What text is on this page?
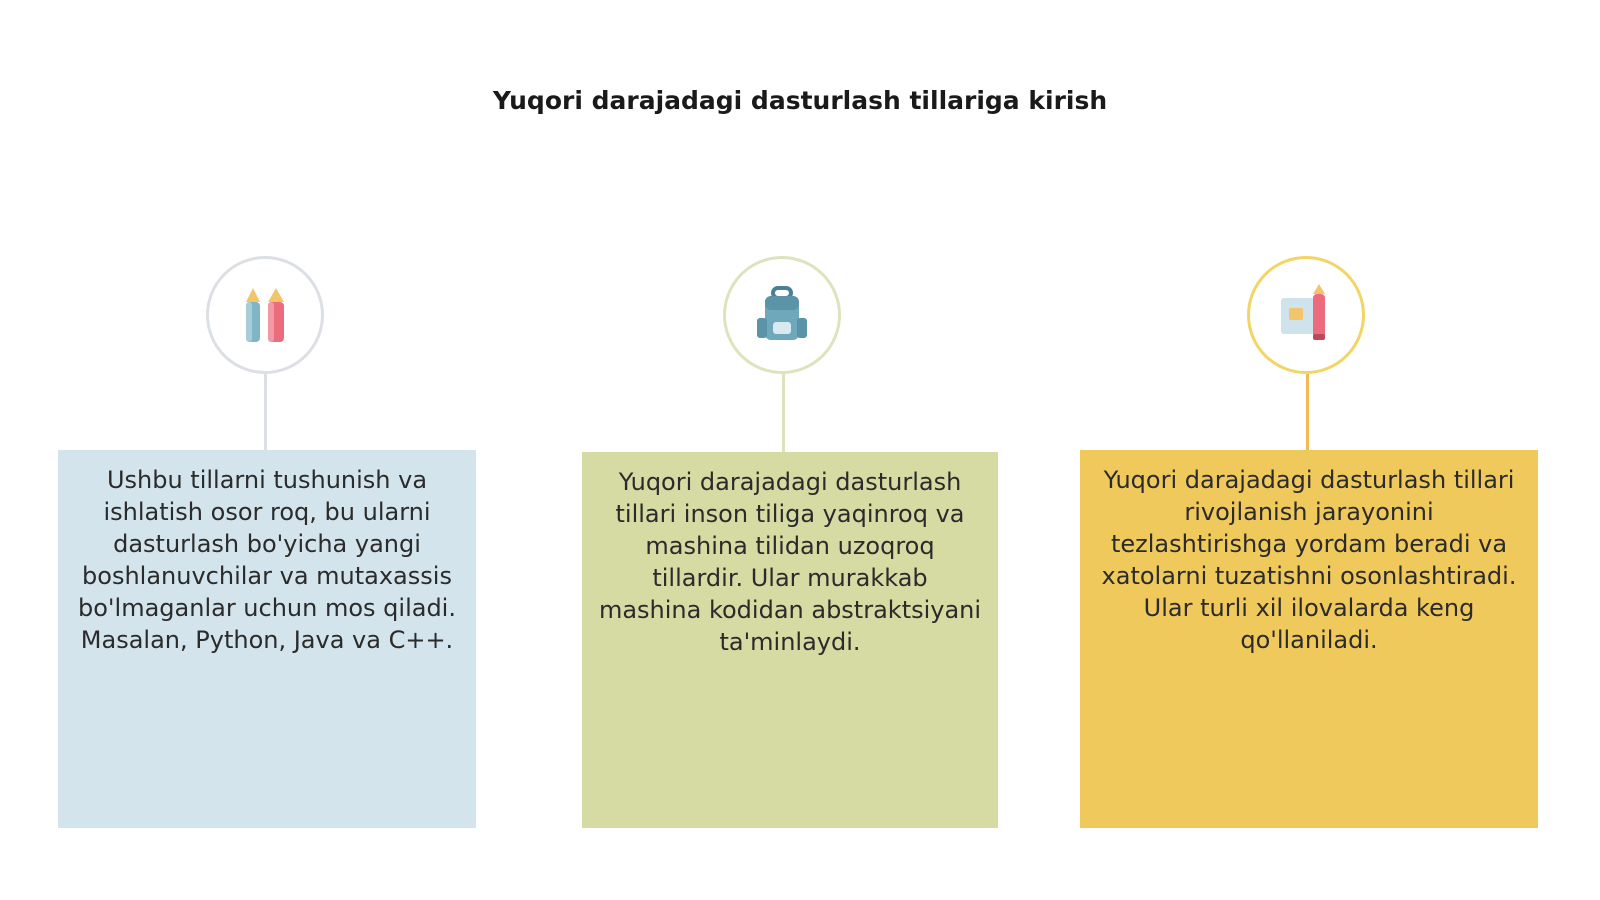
Yuqori darajadagi dasturlash tillariga kirish
Ushbu tillarni tushunish va ishlatish osor roq, bu ularni dasturlash bo'yicha yangi boshlanuvchilar va mutaxassis bo'lmaganlar uchun mos qiladi. Masalan, Python, Java va C++.
Yuqori darajadagi dasturlash tillari inson tiliga yaqinroq va mashina tilidan uzoqroq tillardir. Ular murakkab mashina kodidan abstraktsiyani ta'minlaydi.
Yuqori darajadagi dasturlash tillari rivojlanish jarayonini tezlashtirishga yordam beradi va xatolarni tuzatishni osonlashtiradi. Ular turli xil ilovalarda keng qo'llaniladi.
